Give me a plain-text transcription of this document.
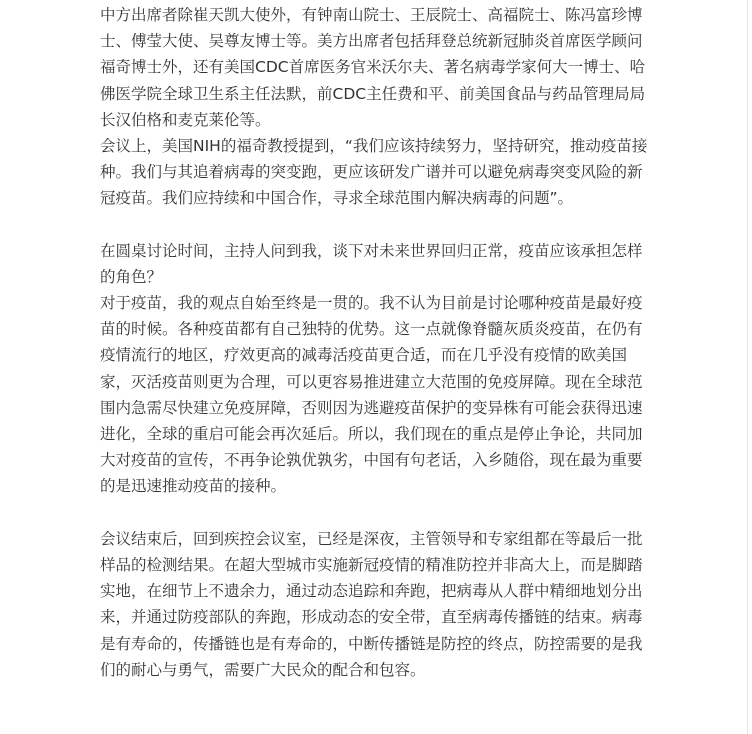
中方出席者除崔天凯大使外，有钟南山院士、王辰院士、高福院士、陈冯富珍博
士、傅莹大使、吴尊友博士等。美方出席者包括拜登总统新冠肺炎首席医学顾问
福奇博士外，还有美国CDC首席医务官米沃尔夫、著名病毒学家何大一博士、哈
佛医学院全球卫生系主任法默，前CDC主任费和平、前美国食品与药品管理局局
长汉伯格和麦克莱伦等。
会议上，美国NIH的福奇教授提到，“我们应该持续努力，坚持研究，推动疫苗接
种。我们与其追着病毒的突变跑，更应该研发广谱并可以避免病毒突变风险的新
冠疫苗。我们应持续和中国合作，寻求全球范围内解决病毒的问题”。
在圆桌讨论时间，主持人问到我，谈下对未来世界回归正常，疫苗应该承担怎样
的角色？
对于疫苗，我的观点自始至终是一贯的。我不认为目前是讨论哪种疫苗是最好疫
苗的时候。各种疫苗都有自己独特的优势。这一点就像脊髓灰质炎疫苗，在仍有
疫情流行的地区，疗效更高的减毒活疫苗更合适，而在几乎没有疫情的欧美国
家，灭活疫苗则更为合理，可以更容易推进建立大范围的免疫屏障。现在全球范
围内急需尽快建立免疫屏障，否则因为逃避疫苗保护的变异株有可能会获得迅速
进化，全球的重启可能会再次延后。所以，我们现在的重点是停止争论，共同加
大对疫苗的宣传，不再争论孰优孰劣，中国有句老话，入乡随俗，现在最为重要
的是迅速推动疫苗的接种。
会议结束后，回到疾控会议室，已经是深夜，主管领导和专家组都在等最后一批
样品的检测结果。在超大型城市实施新冠疫情的精准防控并非高大上，而是脚踏
实地，在细节上不遗余力，通过动态追踪和奔跑，把病毒从人群中精细地划分出
来，并通过防疫部队的奔跑，形成动态的安全带，直至病毒传播链的结束。病毒
是有寿命的，传播链也是有寿命的，中断传播链是防控的终点，防控需要的是我
们的耐心与勇气，需要广大民众的配合和包容。
